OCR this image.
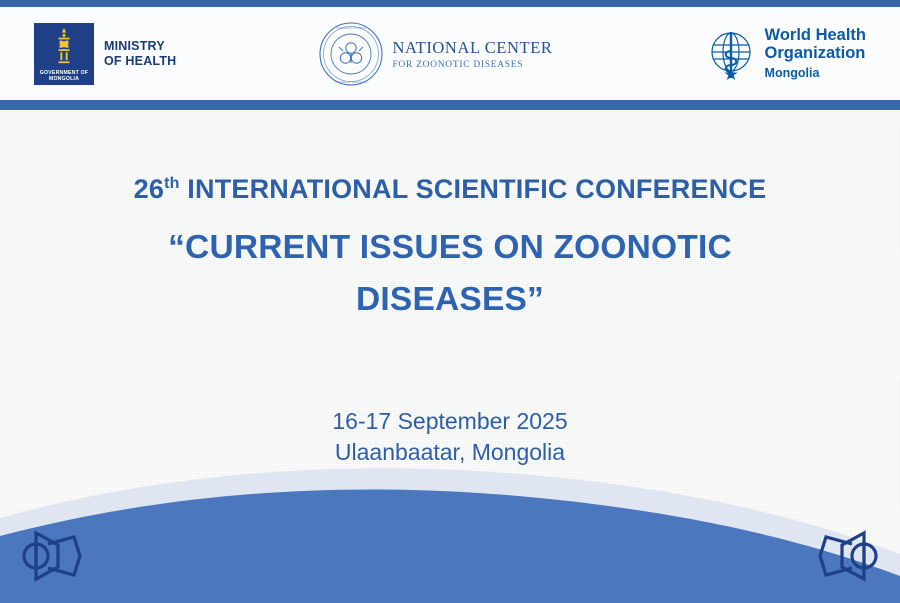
GOVERNMENT OF
MONGOLIA
MINISTRY
OF HEALTH
NATIONAL CENTER
ZOONOTIC DISEASES
NATIONAL CENTER
FOR ZOONOTIC DISEASES
World Health
Organization
Mongolia
26th INTERNATIONAL SCIENTIFIC CONFERENCE
“CURRENT ISSUES ON ZOONOTIC
DISEASES”
16-17 September 2025
Ulaanbaatar, Mongolia
